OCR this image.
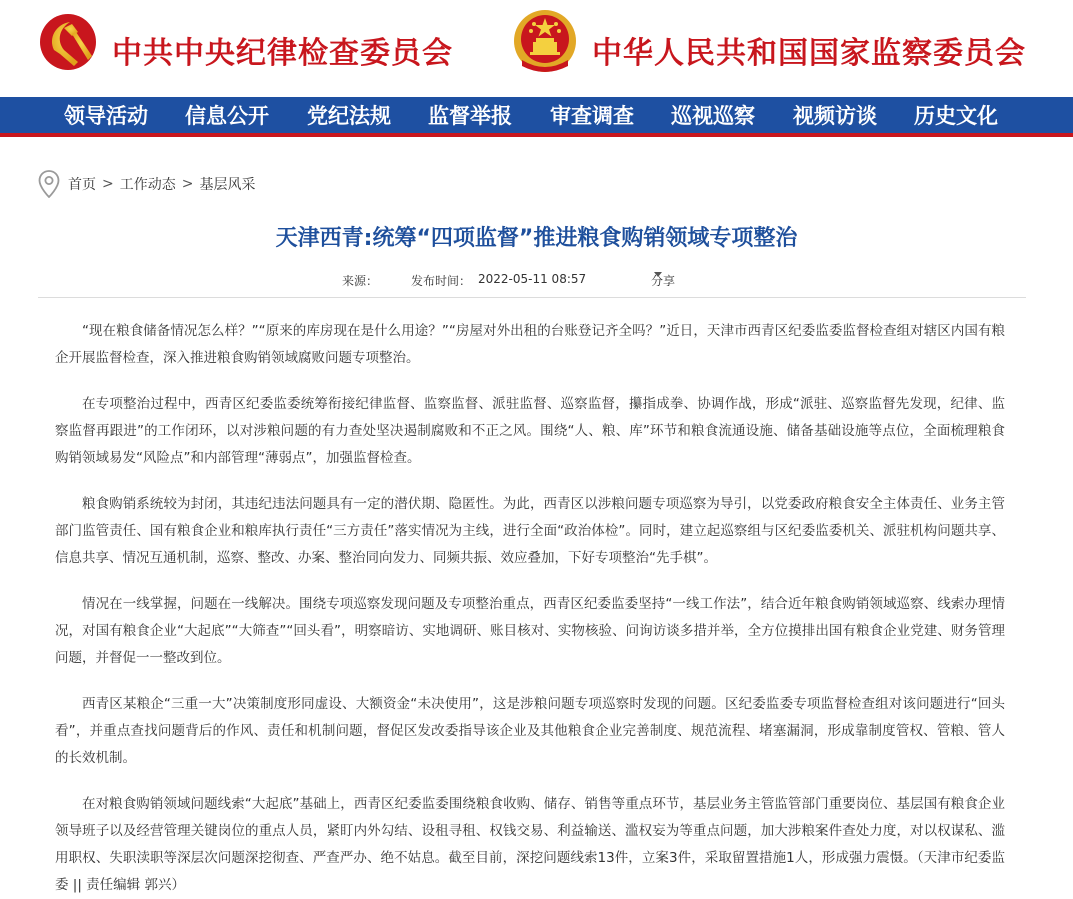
中共中央纪律检查委员会	中华人民共和国国家监察委员会
领导活动 信息公开 党纪法规 监督举报 审查调查 巡视巡察 视频访谈 历史文化
首页 > 工作动态 > 基层风采
天津西青:统筹“四项监督”推进粮食购销领域专项整治
来源：	发布时间： 2022-05-11 08:57	分享

“现在粮食储备情况怎么样？”“原来的库房现在是什么用途？”“房屋对外出租的台账登记齐全吗？”近日，天津市西青区纪委监委监督检查组对辖区内国有粮企开展监督检查，深入推进粮食购销领域腐败问题专项整治。

在专项整治过程中，西青区纪委监委统筹衔接纪律监督、监察监督、派驻监督、巡察监督，攥指成拳、协调作战，形成“派驻、巡察监督先发现，纪律、监察监督再跟进”的工作闭环，以对涉粮问题的有力查处坚决遏制腐败和不正之风。围绕“人、粮、库”环节和粮食流通设施、储备基础设施等点位，全面梳理粮食购销领域易发“风险点”和内部管理“薄弱点”，加强监督检查。

粮食购销系统较为封闭，其违纪违法问题具有一定的潜伏期、隐匿性。为此，西青区以涉粮问题专项巡察为导引，以党委政府粮食安全主体责任、业务主管部门监管责任、国有粮食企业和粮库执行责任“三方责任”落实情况为主线，进行全面“政治体检”。同时，建立起巡察组与区纪委监委机关、派驻机构问题共享、信息共享、情况互通机制，巡察、整改、办案、整治同向发力、同频共振、效应叠加，下好专项整治“先手棋”。

情况在一线掌握，问题在一线解决。围绕专项巡察发现问题及专项整治重点，西青区纪委监委坚持“一线工作法”，结合近年粮食购销领域巡察、线索办理情况，对国有粮食企业“大起底”“大筛查”“回头看”，明察暗访、实地调研、账目核对、实物核验、问询访谈多措并举，全方位摸排出国有粮食企业党建、财务管理问题，并督促一一整改到位。

西青区某粮企“三重一大”决策制度形同虚设、大额资金“未决使用”，这是涉粮问题专项巡察时发现的问题。区纪委监委专项监督检查组对该问题进行“回头看”，并重点查找问题背后的作风、责任和机制问题，督促区发改委指导该企业及其他粮食企业完善制度、规范流程、堵塞漏洞，形成靠制度管权、管粮、管人的长效机制。

在对粮食购销领域问题线索“大起底”基础上，西青区纪委监委围绕粮食收购、储存、销售等重点环节，基层业务主管监管部门重要岗位、基层国有粮食企业领导班子以及经营管理关键岗位的重点人员，紧盯内外勾结、设租寻租、权钱交易、利益输送、滥权妄为等重点问题，加大涉粮案件查处力度，对以权谋私、滥用职权、失职渎职等深层次问题深挖彻查、严查严办、绝不姑息。截至目前，深挖问题线索13件，立案3件，采取留置措施1人，形成强力震慑。（天津市纪委监委 || 责任编辑 郭兴）
